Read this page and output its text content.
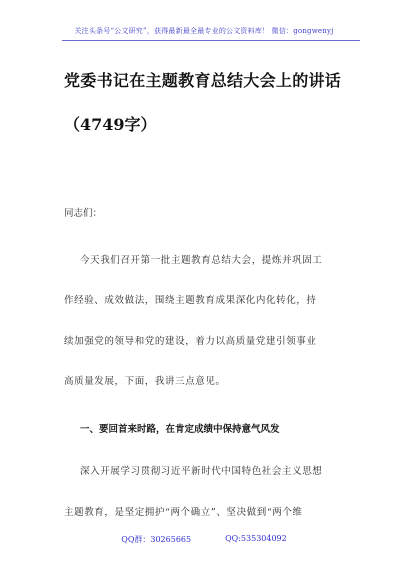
关注头条号“公文研究”，获得最新最全最专业的公文资料库！ 微信：gongwenyj
党委书记在主题教育总结大会上的讲话
（4749字）
同志们：
今天我们召开第一批主题教育总结大会，提炼并巩固工
作经验、成效做法，围绕主题教育成果深化内化转化，持
续加强党的领导和党的建设，着力以高质量党建引领事业
高质量发展，下面，我讲三点意见。
一、要回首来时路，在肯定成绩中保持意气风发
深入开展学习贯彻习近平新时代中国特色社会主义思想
主题教育，是坚定拥护“两个确立”、坚决做到“两个维
QQ群：30265665	QQ:535304092
